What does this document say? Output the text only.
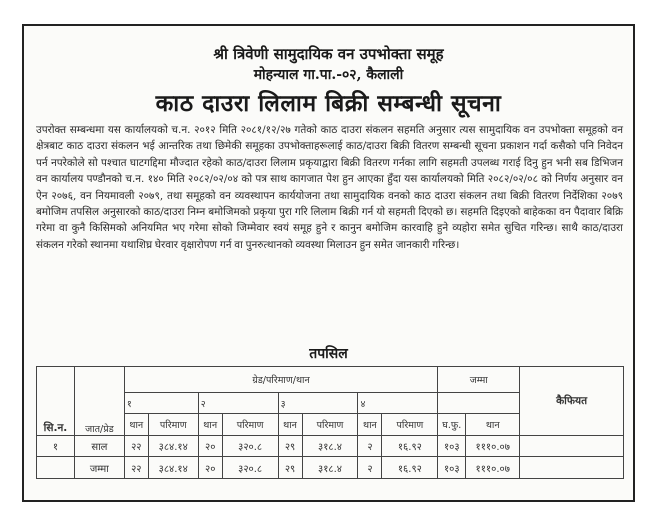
श्री त्रिवेणी सामुदायिक वन उपभोक्ता समूह
मोहन्याल गा.पा.-०२, कैलाली
काठ दाउरा लिलाम बिक्री सम्बन्धी सूचना
उपरोक्त सम्बन्धमा यस कार्यालयको च.न. २०१२ मिति २०८१/१२/२७ गतेको काठ दाउरा संकलन सहमति अनुसार त्यस सामुदायिक वन उपभोक्ता समूहको वन क्षेत्रबाट काठ दाउरा संकलन भई आन्तरिक तथा छिमेकी समूहका उपभोक्ताहरूलाई काठ/दाउरा बिक्री वितरण सम्बन्धी सूचना प्रकाशन गर्दा कसैको पनि निवेदन पर्न नपरेकोले सो पश्चात घाटगद्दिमा मौज्दात रहेको काठ/दाउरा लिलाम प्रकृयाद्वारा बिक्री वितरण गर्नका लागि सहमती उपलब्ध गराई दिनु हुन भनी सब डिभिजन वन कार्यालय पण्डौनको च.न. १४० मिति २०८२/०२/०४ को पत्र साथ कागजात पेश हुन आएका हुँदा यस कार्यालयको मिति २०८२/०२/०८ को निर्णय अनुसार वन ऐन २०७६, वन नियमावली २०७९, तथा समूहको वन व्यवस्थापन कार्ययोजना तथा सामुदायिक वनको काठ दाउरा संकलन तथा बिक्री वितरण निर्देशिका २०७९ बमोजिम तपसिल अनुसारको काठ/दाउरा निम्न बमोजिमको प्रकृया पुरा गरि लिलाम बिक्री गर्न यो सहमती दिएको छ। सहमति दिइएको बाहेकका वन पैदावार बिक्रि गरेमा वा कुनै किसिमको अनियमित भए गरेमा सोको जिम्मेवार स्वयं समूह हुने र कानुन बमोजिम कारवाहि हुने व्यहोरा समेत सुचित गरिन्छ। साथै काठ/दाउरा संकलन गरेको स्थानमा यथाशिघ्र घेरवार वृक्षारोपण गर्न वा पुनरुत्थानको व्यवस्था मिलाउन हुन समेत जानकारी गरिन्छ।
तपसिल
सि.न.	जात/प्रेड	ग्रेड/परिमाण/थान								जम्मा		कैफियत
		१		२		३		४				
		थान	परिमाण	थान	परिमाण	थान	परिमाण	थान	परिमाण	घ.फु.	थान	
१	साल	२२	३८४.१४	२०	३२०.८	२९	३१८.४	२	१६.९२	१०३	१११०.०७	
	जम्मा	२२	३८४.१४	२०	३२०.८	२९	३१८.४	२	१६.९२	१०३	१११०.०७	
